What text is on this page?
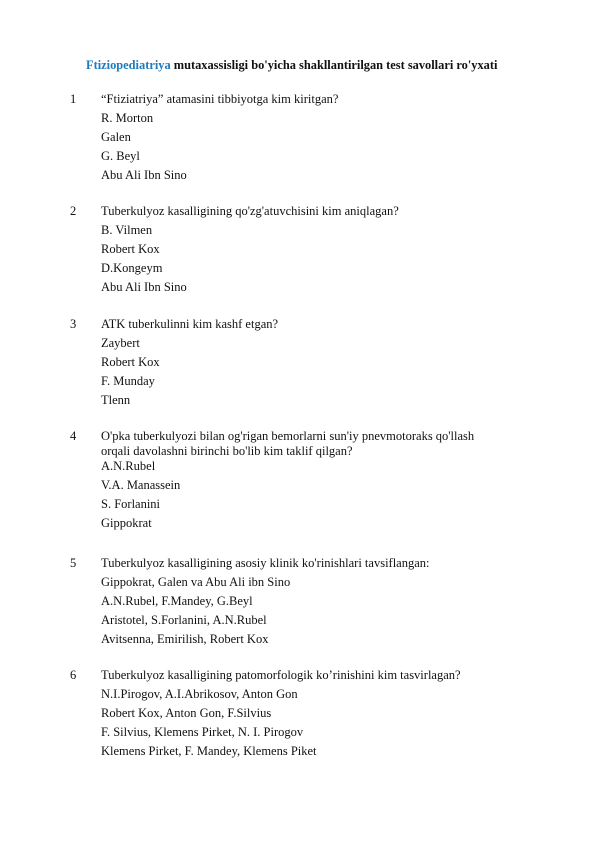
Ftiziopediatriya mutaxassisligi bo'yicha shakllantirilgan test savollari ro'yxati
1 “Ftiziatriya” atamasini tibbiyotga kim kiritgan?
R. Morton
Galen
G. Beyl
Abu Ali Ibn Sino
2 Tuberkulyoz kasalligining qo'zg'atuvchisini kim aniqlagan?
B. Vilmen
Robert Kox
D.Kongeym
Abu Ali Ibn Sino
3 ATK tuberkulinni kim kashf etgan?
Zaybert
Robert Kox
F. Munday
Tlenn
4 O'pka tuberkulyozi bilan og'rigan bemorlarni sun'iy pnevmotoraks qo'llash
orqali davolashni birinchi bo'lib kim taklif qilgan?
A.N.Rubel
V.A. Manassein
S. Forlanini
Gippokrat
5 Tuberkulyoz kasalligining asosiy klinik ko'rinishlari tavsiflangan:
Gippokrat, Galen va Abu Ali ibn Sino
A.N.Rubel, F.Mandey, G.Beyl
Aristotel, S.Forlanini, A.N.Rubel
Avitsenna, Emirilish, Robert Kox
6 Tuberkulyoz kasalligining patomorfologik ko’rinishini kim tasvirlagan?
N.I.Pirogov, A.I.Abrikosov, Anton Gon
Robert Kox, Anton Gon, F.Silvius
F. Silvius, Klemens Pirket, N. I. Pirogov
Klemens Pirket, F. Mandey, Klemens Piket
